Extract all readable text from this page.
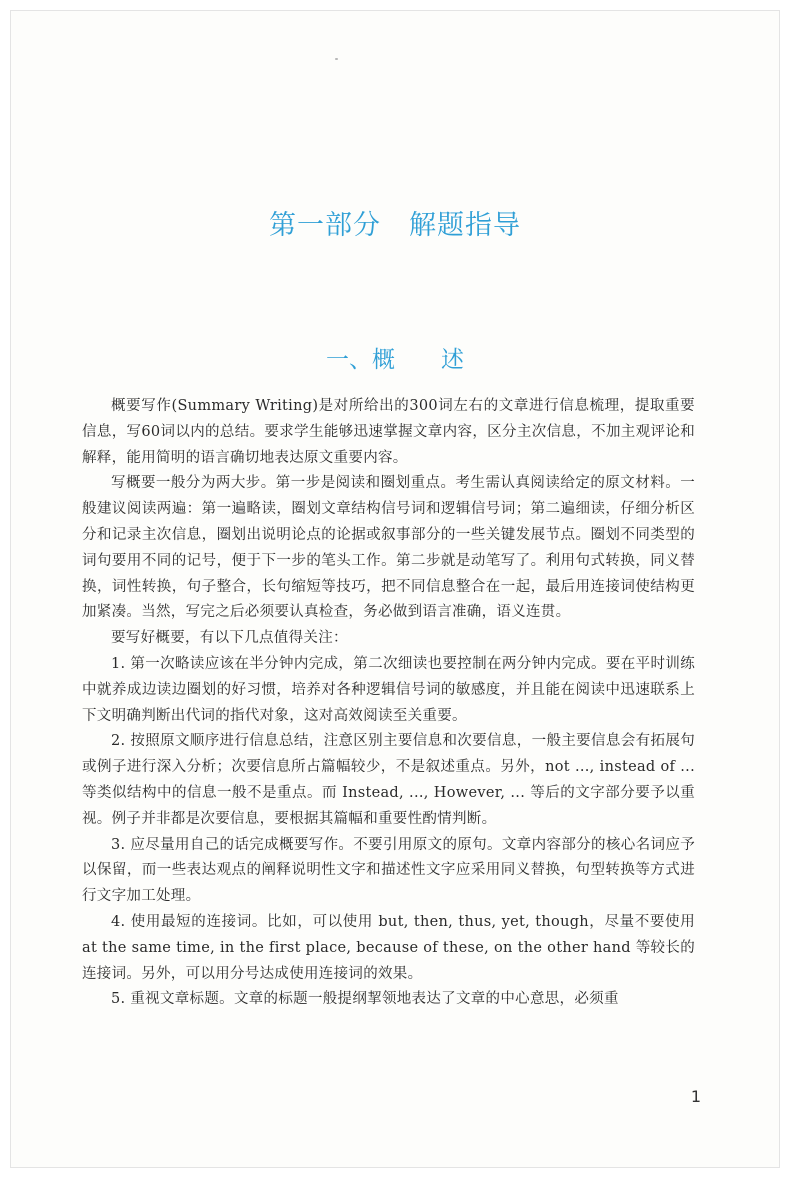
第一部分　解题指导
一、概　　述

概要写作(Summary Writing)是对所给出的300词左右的文章进行信息梳理，提取重要信息，写60词以内的总结。要求学生能够迅速掌握文章内容，区分主次信息，不加主观评论和解释，能用简明的语言确切地表达原文重要内容。

写概要一般分为两大步。第一步是阅读和圈划重点。考生需认真阅读给定的原文材料。一般建议阅读两遍：第一遍略读，圈划文章结构信号词和逻辑信号词；第二遍细读，仔细分析区分和记录主次信息，圈划出说明论点的论据或叙事部分的一些关键发展节点。圈划不同类型的词句要用不同的记号，便于下一步的笔头工作。第二步就是动笔写了。利用句式转换，同义替换，词性转换，句子整合，长句缩短等技巧，把不同信息整合在一起，最后用连接词使结构更加紧凑。当然，写完之后必须要认真检查，务必做到语言准确，语义连贯。

要写好概要，有以下几点值得关注：

1. 第一次略读应该在半分钟内完成，第二次细读也要控制在两分钟内完成。要在平时训练中就养成边读边圈划的好习惯，培养对各种逻辑信号词的敏感度，并且能在阅读中迅速联系上下文明确判断出代词的指代对象，这对高效阅读至关重要。

2. 按照原文顺序进行信息总结，注意区别主要信息和次要信息，一般主要信息会有拓展句或例子进行深入分析；次要信息所占篇幅较少，不是叙述重点。另外，not ..., instead of ...等类似结构中的信息一般不是重点。而 Instead, ..., However, ... 等后的文字部分要予以重视。例子并非都是次要信息，要根据其篇幅和重要性酌情判断。

3. 应尽量用自己的话完成概要写作。不要引用原文的原句。文章内容部分的核心名词应予以保留，而一些表达观点的阐释说明性文字和描述性文字应采用同义替换，句型转换等方式进行文字加工处理。

4. 使用最短的连接词。比如，可以使用 but, then, thus, yet, though，尽量不要使用 at the same time, in the first place, because of these, on the other hand 等较长的连接词。另外，可以用分号达成使用连接词的效果。

5. 重视文章标题。文章的标题一般提纲挈领地表达了文章的中心意思，必须重

1
